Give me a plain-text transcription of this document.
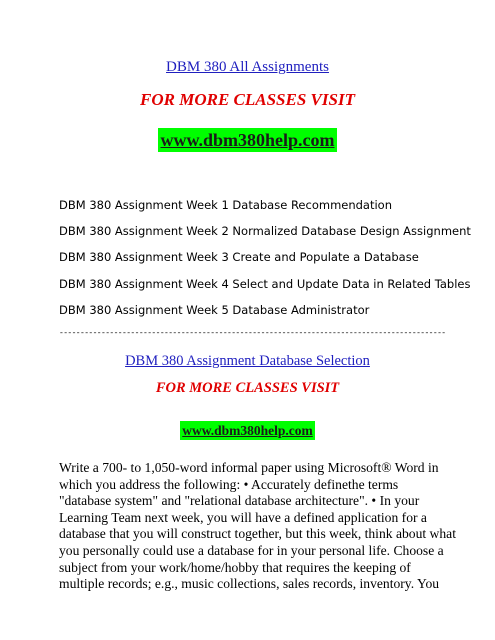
DBM 380 All Assignments
FOR MORE CLASSES VISIT
www.dbm380help.com
DBM 380 Assignment Week 1 Database Recommendation
DBM 380 Assignment Week 2 Normalized Database Design Assignment
DBM 380 Assignment Week 3 Create and Populate a Database
DBM 380 Assignment Week 4 Select and Update Data in Related Tables
DBM 380 Assignment Week 5 Database Administrator
--------------------------------------------------------------------------------------------
DBM 380 Assignment Database Selection
FOR MORE CLASSES VISIT
www.dbm380help.com
Write a 700- to 1,050-word informal paper using Microsoft® Word in
which you address the following: • Accurately definethe terms
"database system" and "relational database architecture". • In your
Learning Team next week, you will have a defined application for a
database that you will construct together, but this week, think about what
you personally could use a database for in your personal life. Choose a
subject from your work/home/hobby that requires the keeping of
multiple records; e.g., music collections, sales records, inventory. You
